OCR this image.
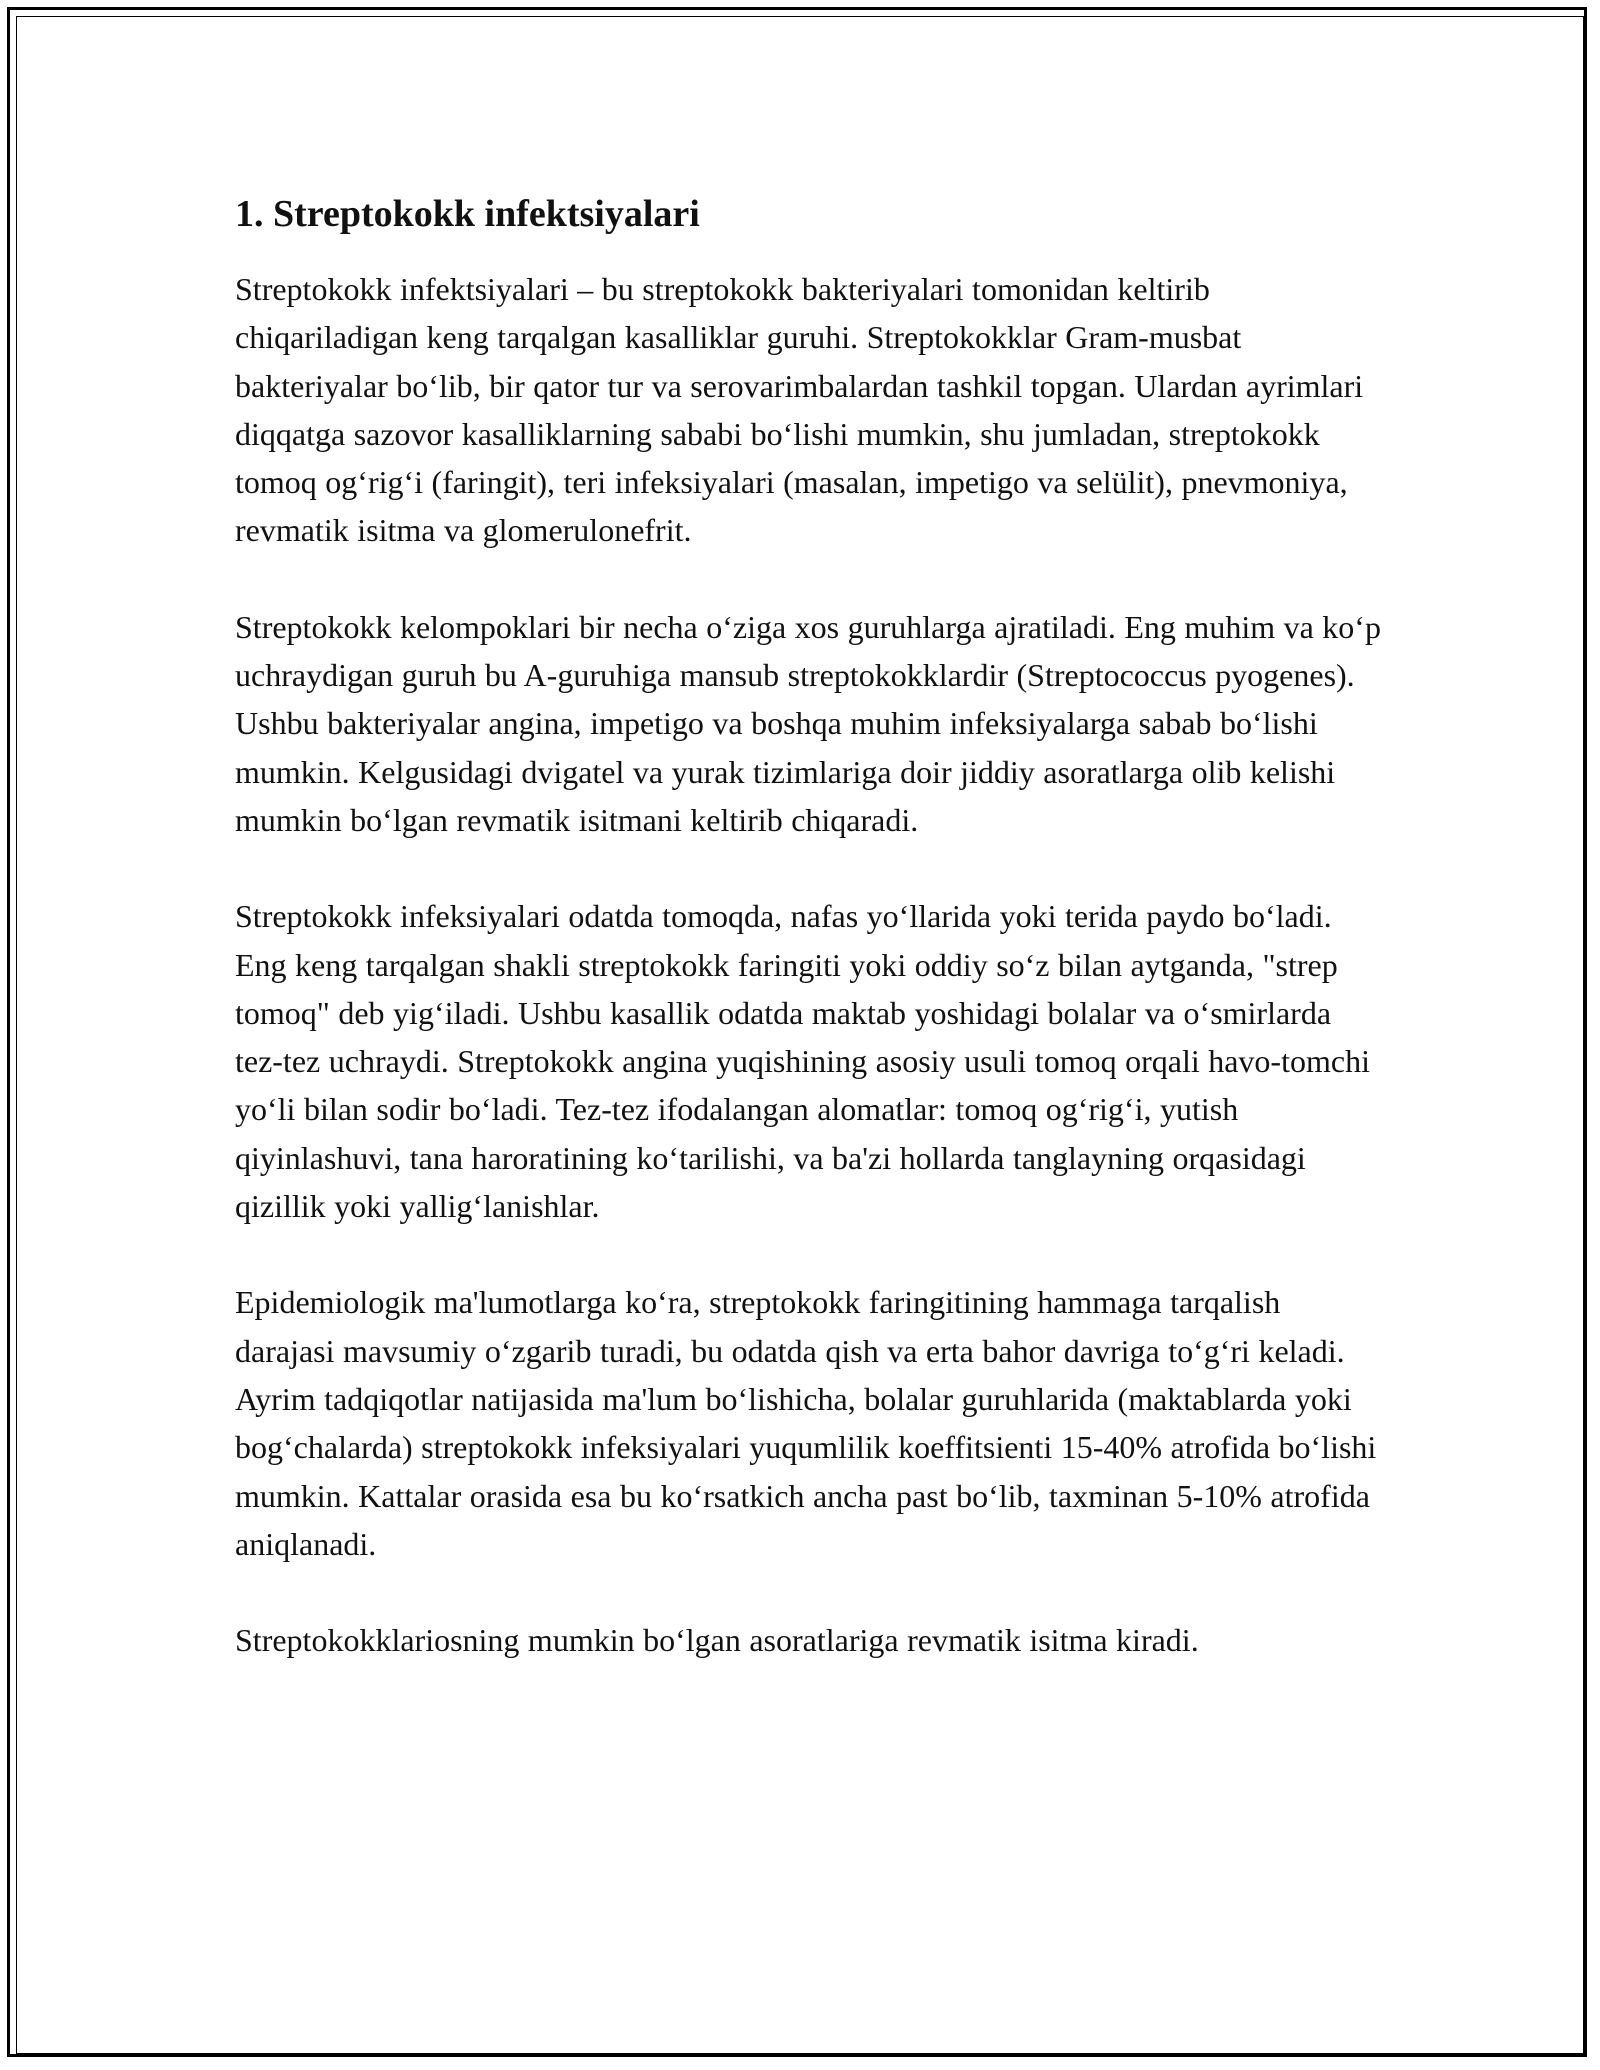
1. Streptokokk infektsiyalari

Streptokokk infektsiyalari – bu streptokokk bakteriyalari tomonidan keltirib chiqariladigan keng tarqalgan kasalliklar guruhi. Streptokokklar Gram-musbat bakteriyalar bo‘lib, bir qator tur va serovarimbalardan tashkil topgan. Ulardan ayrimlari diqqatga sazovor kasalliklarning sababi bo‘lishi mumkin, shu jumladan, streptokokk tomoq og‘rig‘i (faringit), teri infeksiyalari (masalan, impetigo va selülit), pnevmoniya, revmatik isitma va glomerulonefrit.

Streptokokk kelompoklari bir necha o‘ziga xos guruhlarga ajratiladi. Eng muhim va ko‘p uchraydigan guruh bu A-guruhiga mansub streptokokklardir (Streptococcus pyogenes). Ushbu bakteriyalar angina, impetigo va boshqa muhim infeksiyalarga sabab bo‘lishi mumkin. Kelgusidagi dvigatel va yurak tizimlariga doir jiddiy asoratlarga olib kelishi mumkin bo‘lgan revmatik isitmani keltirib chiqaradi.

Streptokokk infeksiyalari odatda tomoqda, nafas yo‘llarida yoki terida paydo bo‘ladi. Eng keng tarqalgan shakli streptokokk faringiti yoki oddiy so‘z bilan aytganda, "strep tomoq" deb yig‘iladi. Ushbu kasallik odatda maktab yoshidagi bolalar va o‘smirlarda tez-tez uchraydi. Streptokokk angina yuqishining asosiy usuli tomoq orqali havo-tomchi yo‘li bilan sodir bo‘ladi. Tez-tez ifodalangan alomatlar: tomoq og‘rig‘i, yutish qiyinlashuvi, tana haroratining ko‘tarilishi, va ba'zi hollarda tanglayning orqasidagi qizillik yoki yallig‘lanishlar.

Epidemiologik ma'lumotlarga ko‘ra, streptokokk faringitining hammaga tarqalish darajasi mavsumiy o‘zgarib turadi, bu odatda qish va erta bahor davriga to‘g‘ri keladi. Ayrim tadqiqotlar natijasida ma'lum bo‘lishicha, bolalar guruhlarida (maktablarda yoki bog‘chalarda) streptokokk infeksiyalari yuqumlilik koeffitsienti 15-40% atrofida bo‘lishi mumkin. Kattalar orasida esa bu ko‘rsatkich ancha past bo‘lib, taxminan 5-10% atrofida aniqlanadi.

Streptokokklariosning mumkin bo‘lgan asoratlariga revmatik isitma kiradi.
